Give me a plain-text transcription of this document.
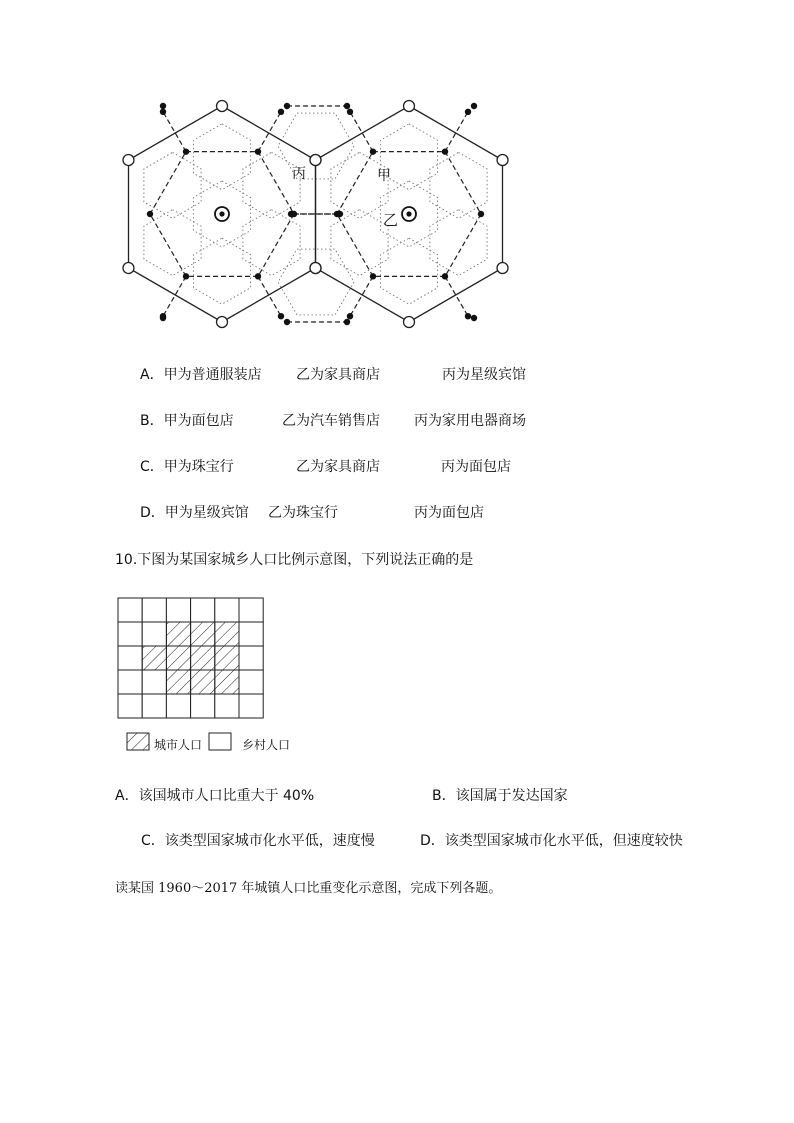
丙	甲
乙
A．甲为普通服装店 乙为家具商店	丙为星级宾馆
B．甲为面包店	乙为汽车销售店 丙为家用电器商场
C．甲为珠宝行	乙为家具商店	丙为面包店
D．甲为星级宾馆 乙为珠宝行	丙为面包店
10.下图为某国家城乡人口比例示意图，下列说法正确的是
城市人口	乡村人口
A．该国城市人口比重大于 40%	B．该国属于发达国家
C．该类型国家城市化水平低，速度慢	D．该类型国家城市化水平低，但速度较快
读某国 1960～2017 年城镇人口比重变化示意图，完成下列各题。
